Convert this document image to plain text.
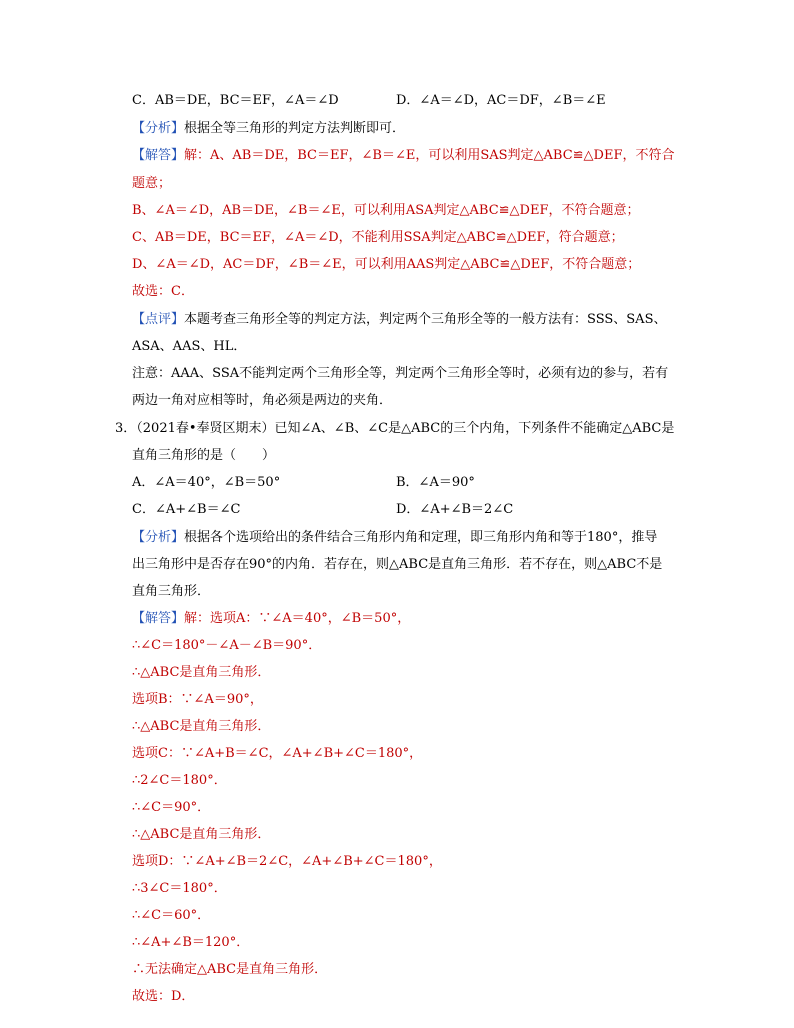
C．AB＝DE，BC＝EF，∠A＝∠D	D．∠A＝∠D，AC＝DF，∠B＝∠E
【分析】根据全等三角形的判定方法判断即可．
【解答】解：A、AB＝DE，BC＝EF，∠B＝∠E，可以利用SAS判定△ABC≌△DEF，不符合
题意；
B、∠A＝∠D，AB＝DE，∠B＝∠E，可以利用ASA判定△ABC≌△DEF，不符合题意；
C、AB＝DE，BC＝EF，∠A＝∠D，不能利用SSA判定△ABC≌△DEF，符合题意；
D、∠A＝∠D，AC＝DF，∠B＝∠E，可以利用AAS判定△ABC≌△DEF，不符合题意；
故选：C．
【点评】本题考查三角形全等的判定方法，判定两个三角形全等的一般方法有：SSS、SAS、
ASA、AAS、HL．
注意：AAA、SSA不能判定两个三角形全等，判定两个三角形全等时，必须有边的参与，若有
两边一角对应相等时，角必须是两边的夹角．
3．（2021春•奉贤区期末）已知∠A、∠B、∠C是△ABC的三个内角，下列条件不能确定△ABC是
直角三角形的是（　　）
A．∠A＝40°，∠B＝50°	B．∠A＝90°
C．∠A+∠B＝∠C	D．∠A+∠B＝2∠C
【分析】根据各个选项给出的条件结合三角形内角和定理，即三角形内角和等于180°，推导
出三角形中是否存在90°的内角．若存在，则△ABC是直角三角形．若不存在，则△ABC不是
直角三角形．
【解答】解：选项A：∵∠A＝40°，∠B＝50°，
∴∠C＝180°－∠A－∠B＝90°．
∴△ABC是直角三角形．
选项B：∵∠A＝90°，
∴△ABC是直角三角形．
选项C：∵∠A+B＝∠C，∠A+∠B+∠C＝180°，
∴2∠C＝180°．
∴∠C＝90°．
∴△ABC是直角三角形．
选项D：∵∠A+∠B＝2∠C，∠A+∠B+∠C＝180°，
∴3∠C＝180°．
∴∠C＝60°．
∴∠A+∠B＝120°．
∴无法确定△ABC是直角三角形．
故选：D．
